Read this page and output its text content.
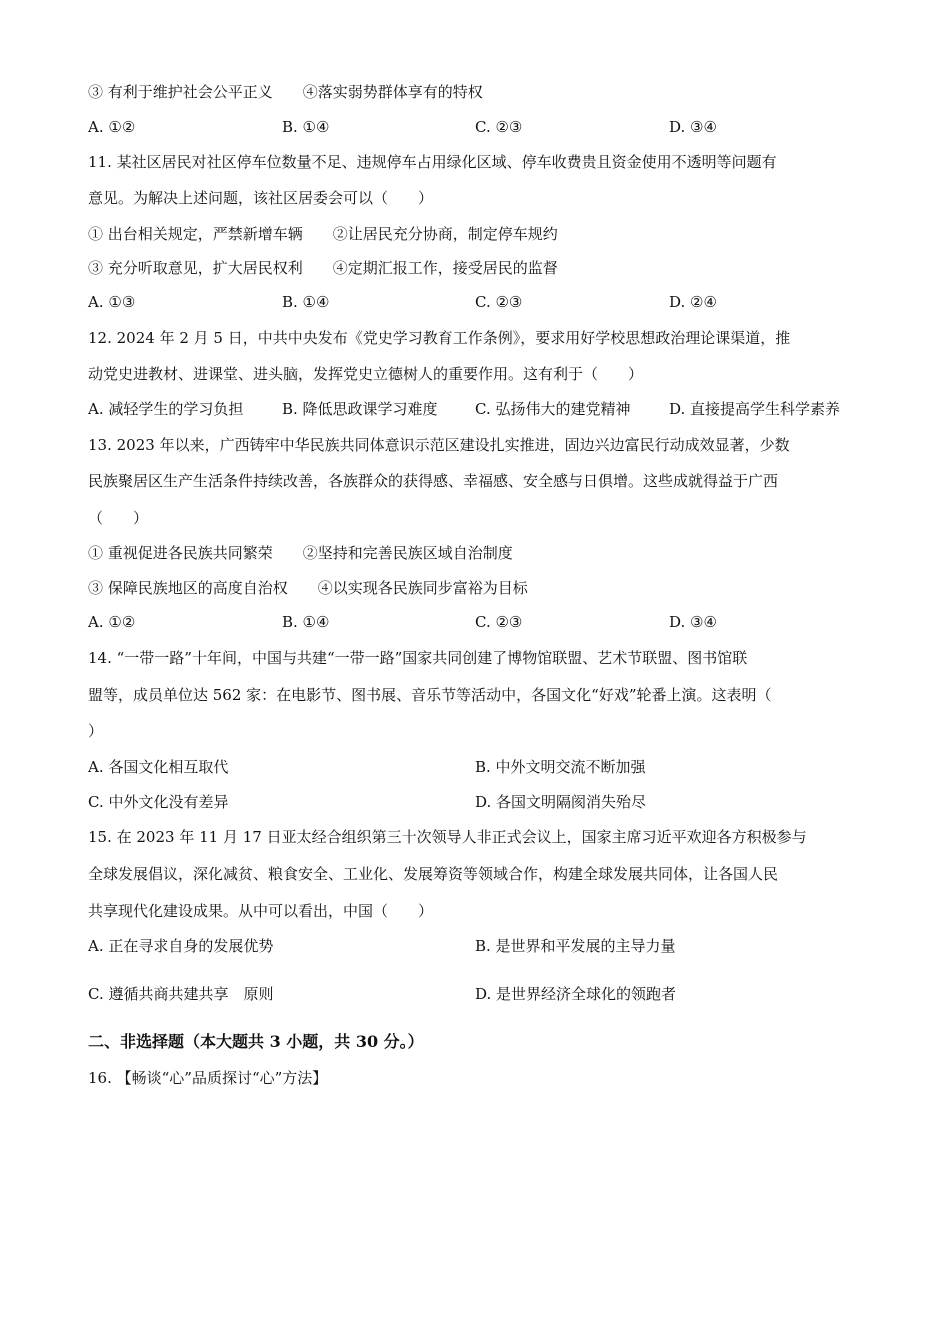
③ 有利于维护社会公平正义　　④落实弱势群体享有的特权
A. ①②	B. ①④	C. ②③	D. ③④
11. 某社区居民对社区停车位数量不足、违规停车占用绿化区域、停车收费贵且资金使用不透明等问题有
意见。为解决上述问题，该社区居委会可以（　　）
① 出台相关规定，严禁新增车辆　　②让居民充分协商，制定停车规约
③ 充分听取意见，扩大居民权利　　④定期汇报工作，接受居民的监督
A. ①③	B. ①④	C. ②③	D. ②④
12. 2024 年 2 月 5 日，中共中央发布《党史学习教育工作条例》，要求用好学校思想政治理论课渠道，推
动党史进教材、进课堂、进头脑，发挥党史立德树人的重要作用。这有利于（　　）
A. 减轻学生的学习负担	B. 降低思政课学习难度 C. 弘扬伟大的建党精神	D. 直接提高学生科学素养
13. 2023 年以来，广西铸牢中华民族共同体意识示范区建设扎实推进，固边兴边富民行动成效显著，少数
民族聚居区生产生活条件持续改善，各族群众的获得感、幸福感、安全感与日俱增。这些成就得益于广西
（　　）
① 重视促进各民族共同繁荣　　②坚持和完善民族区域自治制度
③ 保障民族地区的高度自治权　　④以实现各民族同步富裕为目标
A. ①②	B. ①④	C. ②③	D. ③④
14. “一带一路”十年间，中国与共建“一带一路”国家共同创建了博物馆联盟、艺术节联盟、图书馆联
盟等，成员单位达 562 家：在电影节、图书展、音乐节等活动中，各国文化“好戏”轮番上演。这表明（
）
A. 各国文化相互取代	B. 中外文明交流不断加强
C. 中外文化没有差异	D. 各国文明隔阂消失殆尽
15. 在 2023 年 11 月 17 日亚太经合组织第三十次领导人非正式会议上，国家主席习近平欢迎各方积极参与
全球发展倡议，深化减贫、粮食安全、工业化、发展筹资等领域合作，构建全球发展共同体，让各国人民
共享现代化建设成果。从中可以看出，中国（　　）
A. 正在寻求自身的发展优势	B. 是世界和平发展的主导力量
C. 遵循共商共建共享　原则	D. 是世界经济全球化的领跑者
二、非选择题（本大题共 3 小题，共 30 分。）
16. 【畅谈“心”品质探讨“心”方法】
